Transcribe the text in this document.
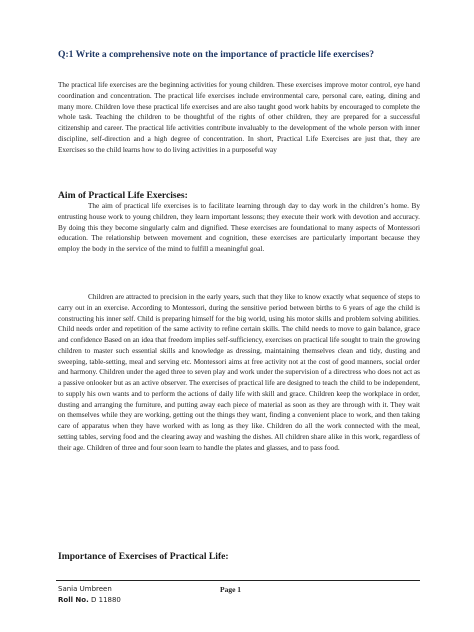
Q:1 Write a comprehensive note on the importance of practicle life exercises?
The practical life exercises are the beginning activities for young children. These exercises improve motor control, eye hand coordination and concentration. The practical life exercises include environmental care, personal care, eating, dining and many more. Children love these practical life exercises and are also taught good work habits by encouraged to complete the whole task. Teaching the children to be thoughtful of the rights of other children, they are prepared for a successful citizenship and career. The practical life activities contribute invaluably to the development of the whole person with inner discipline, self-direction and a high degree of concentration. In short, Practical Life Exercises are just that, they are Exercises so the child learns how to do living activities in a purposeful way
Aim of Practical Life Exercises:
The aim of practical life exercises is to facilitate learning through day to day work in the children’s home. By entrusting house work to young children, they learn important lessons; they execute their work with devotion and accuracy. By doing this they become singularly calm and dignified. These exercises are foundational to many aspects of Montessori education. The relationship between movement and cognition, these exercises are particularly important because they employ the body in the service of the mind to fulfill a meaningful goal.
Children are attracted to precision in the early years, such that they like to know exactly what sequence of steps to carry out in an exercise. According to Montessori, during the sensitive period between births to 6 years of age the child is constructing his inner self. Child is preparing himself for the big world, using his motor skills and problem solving abilities. Child needs order and repetition of the same activity to refine certain skills. The child needs to move to gain balance, grace and confidence Based on an idea that freedom implies self-sufficiency, exercises on practical life sought to train the growing children to master such essential skills and knowledge as dressing, maintaining themselves clean and tidy, dusting and sweeping, table-setting, meal and serving etc. Montessori aims at free activity not at the cost of good manners, social order and harmony. Children under the aged three to seven play and work under the supervision of a directress who does not act as a passive onlooker but as an active observer. The exercises of practical life are designed to teach the child to be independent, to supply his own wants and to perform the actions of daily life with skill and grace. Children keep the workplace in order, dusting and arranging the furniture, and putting away each piece of material as soon as they are through with it. They wait on themselves while they are working, getting out the things they want, finding a convenient place to work, and then taking care of apparatus when they have worked with as long as they like. Children do all the work connected with the meal, setting tables, serving food and the clearing away and washing the dishes. All children share alike in this work, regardless of their age. Children of three and four soon learn to handle the plates and glasses, and to pass food.
Importance of Exercises of Practical Life:
Sania Umbreen	Page 1
Roll No. D 11880
